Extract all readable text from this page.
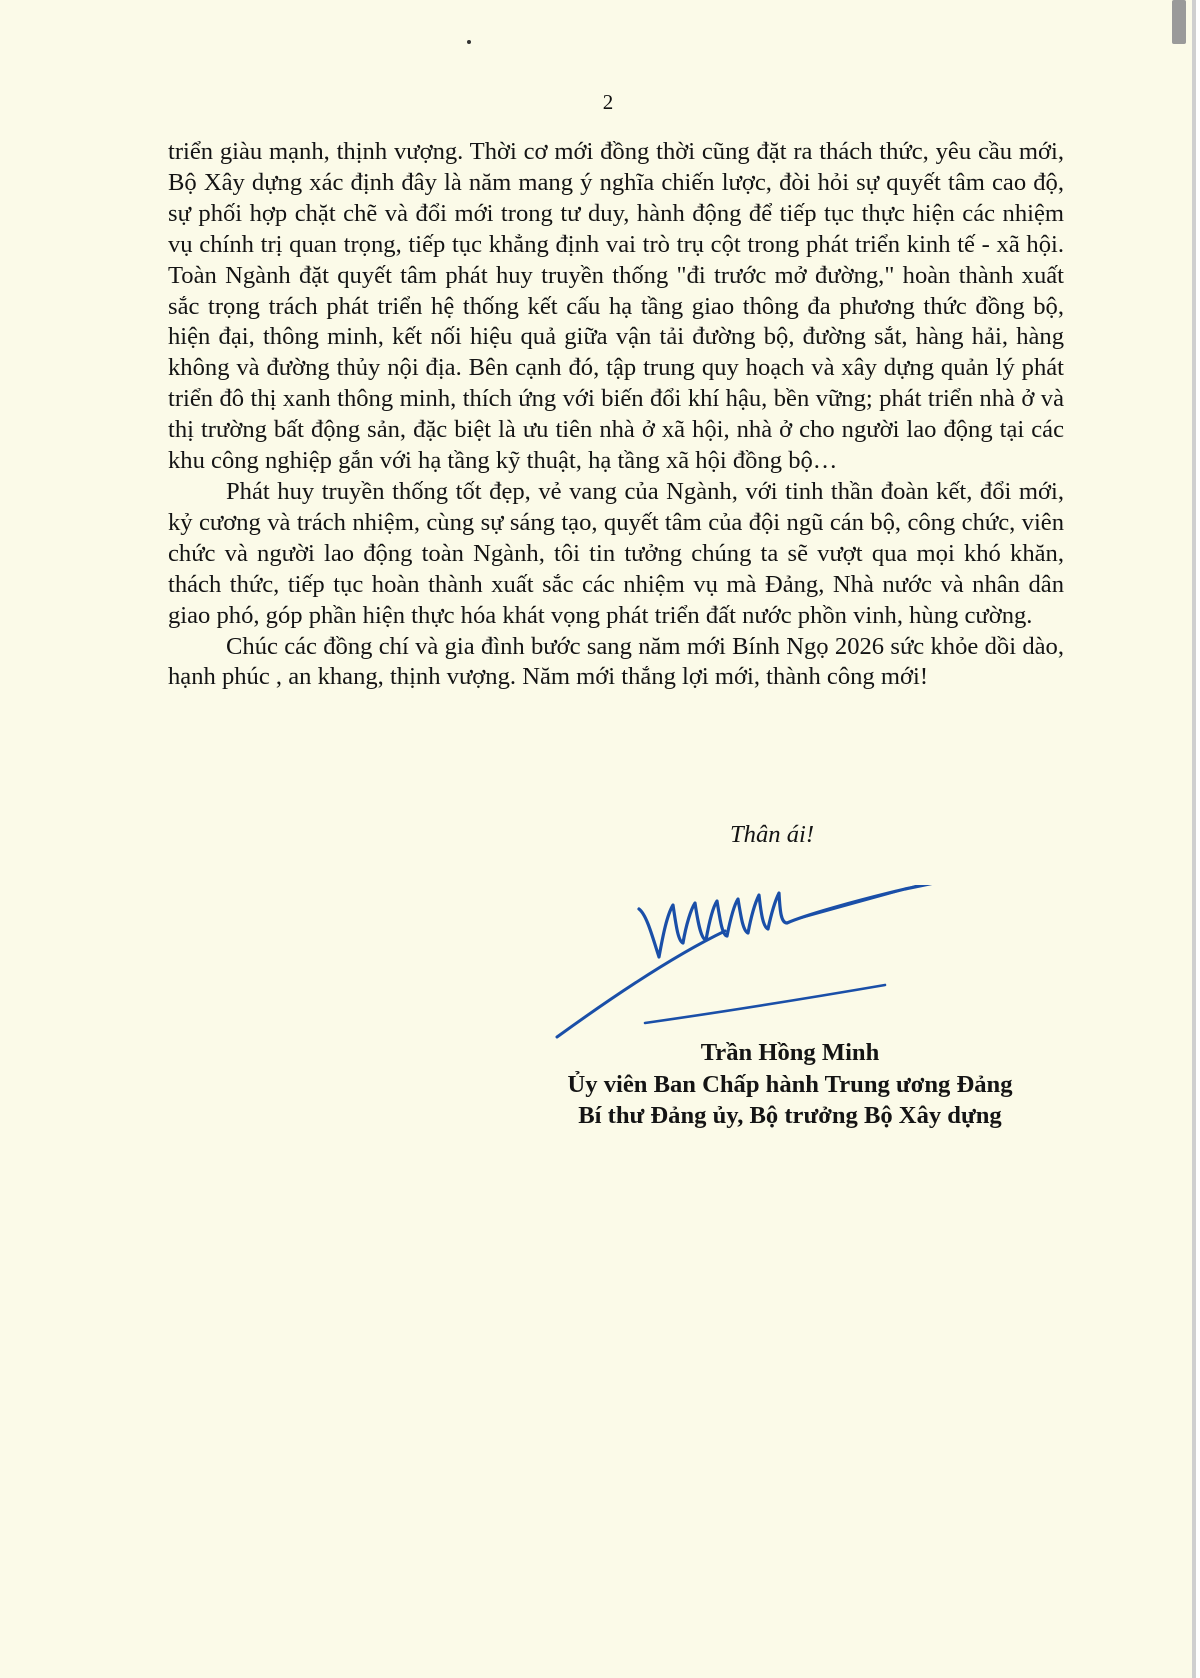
2

triển giàu mạnh, thịnh vượng. Thời cơ mới đồng thời cũng đặt ra thách thức, yêu cầu mới, Bộ Xây dựng xác định đây là năm mang ý nghĩa chiến lược, đòi hỏi sự quyết tâm cao độ, sự phối hợp chặt chẽ và đổi mới trong tư duy, hành động để tiếp tục thực hiện các nhiệm vụ chính trị quan trọng, tiếp tục khẳng định vai trò trụ cột trong phát triển kinh tế - xã hội. Toàn Ngành đặt quyết tâm phát huy truyền thống "đi trước mở đường," hoàn thành xuất sắc trọng trách phát triển hệ thống kết cấu hạ tầng giao thông đa phương thức đồng bộ, hiện đại, thông minh, kết nối hiệu quả giữa vận tải đường bộ, đường sắt, hàng hải, hàng không và đường thủy nội địa. Bên cạnh đó, tập trung quy hoạch và xây dựng quản lý phát triển đô thị xanh thông minh, thích ứng với biến đổi khí hậu, bền vững; phát triển nhà ở và thị trường bất động sản, đặc biệt là ưu tiên nhà ở xã hội, nhà ở cho người lao động tại các khu công nghiệp gắn với hạ tầng kỹ thuật, hạ tầng xã hội đồng bộ…

Phát huy truyền thống tốt đẹp, vẻ vang của Ngành, với tinh thần đoàn kết, đổi mới, kỷ cương và trách nhiệm, cùng sự sáng tạo, quyết tâm của đội ngũ cán bộ, công chức, viên chức và người lao động toàn Ngành, tôi tin tưởng chúng ta sẽ vượt qua mọi khó khăn, thách thức, tiếp tục hoàn thành xuất sắc các nhiệm vụ mà Đảng, Nhà nước và nhân dân giao phó, góp phần hiện thực hóa khát vọng phát triển đất nước phồn vinh, hùng cường.

Chúc các đồng chí và gia đình bước sang năm mới Bính Ngọ 2026 sức khỏe dồi dào, hạnh phúc , an khang, thịnh vượng. Năm mới thắng lợi mới, thành công mới!

Thân ái!
Trần Hồng Minh
Ủy viên Ban Chấp hành Trung ương Đảng
Bí thư Đảng ủy, Bộ trưởng Bộ Xây dựng
